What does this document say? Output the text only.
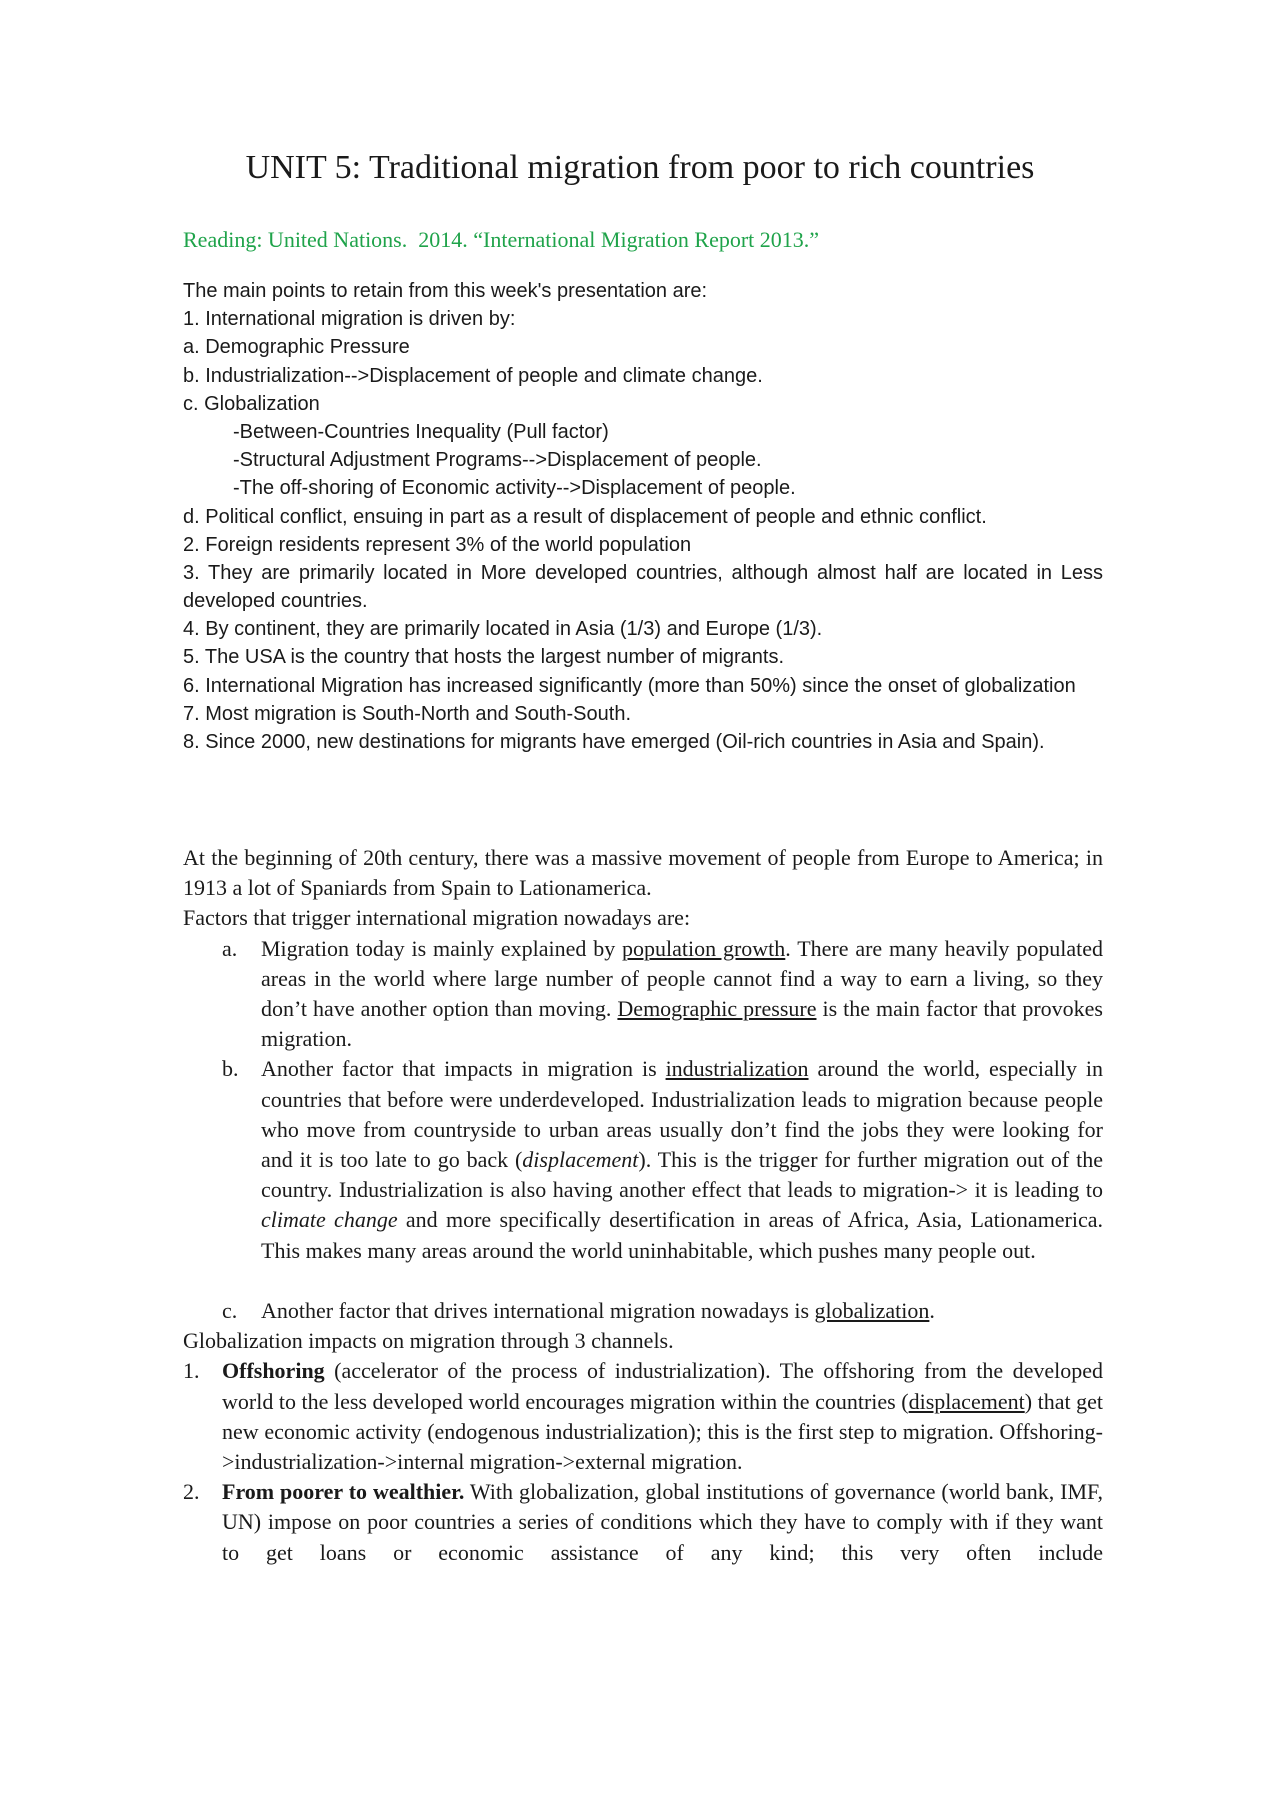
UNIT 5: Traditional migration from poor to rich countries
Reading: United Nations.  2014. “International Migration Report 2013.”
The main points to retain from this week's presentation are:
1. International migration is driven by:
a. Demographic Pressure
b. Industrialization-->Displacement of people and climate change.
c. Globalization
-Between-Countries Inequality (Pull factor)
-Structural Adjustment Programs-->Displacement of people.
-The off-shoring of Economic activity-->Displacement of people.
d. Political conflict, ensuing in part as a result of displacement of people and ethnic conflict.
2. Foreign residents represent 3% of the world population
3. They are primarily located in More developed countries, although almost half are located in Less developed countries.
4. By continent, they are primarily located in Asia (1/3) and Europe (1/3).
5. The USA is the country that hosts the largest number of migrants.
6. International Migration has increased significantly (more than 50%) since the onset of globalization
7. Most migration is South-North and South-South.
8. Since 2000, new destinations for migrants have emerged (Oil-rich countries in Asia and Spain).
At the beginning of 20th century, there was a massive movement of people from Europe to America; in 1913 a lot of Spaniards from Spain to Lationamerica.
Factors that trigger international migration nowadays are:
a. Migration today is mainly explained by population growth. There are many heavily populated areas in the world where large number of people cannot find a way to earn a living, so they don’t have another option than moving. Demographic pressure is the main factor that provokes migration.
b. Another factor that impacts in migration is industrialization around the world, especially in countries that before were underdeveloped. Industrialization leads to migration because people who move from countryside to urban areas usually don’t find the jobs they were looking for and it is too late to go back (displacement). This is the trigger for further migration out of the country. Industrialization is also having another effect that leads to migration-> it is leading to climate change and more specifically desertification in areas of Africa, Asia, Lationamerica. This makes many areas around the world uninhabitable, which pushes many people out.
c. Another factor that drives international migration nowadays is globalization.
Globalization impacts on migration through 3 channels.
1. Offshoring (accelerator of the process of industrialization). The offshoring from the developed world to the less developed world encourages migration within the countries (displacement) that get new economic activity (endogenous industrialization); this is the first step to migration. Offshoring->industrialization->internal migration->external migration.
2. From poorer to wealthier. With globalization, global institutions of governance (world bank, IMF, UN) impose on poor countries a series of conditions which they have to comply with if they want to get loans or economic assistance of any kind; this very often include
